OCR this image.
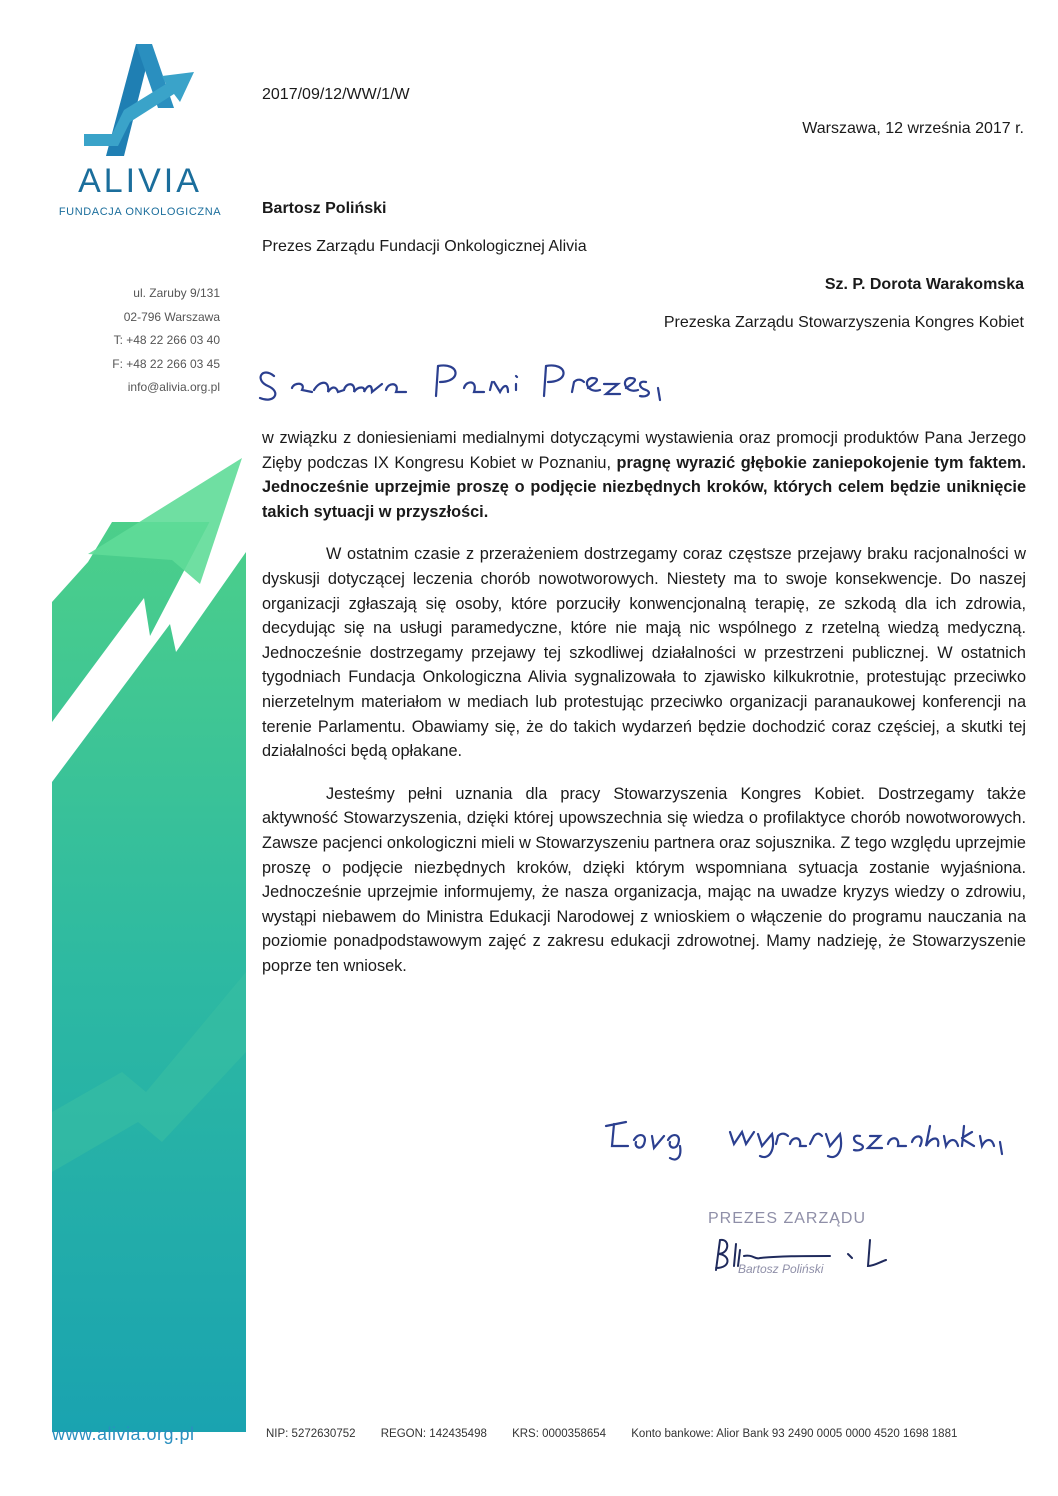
ALIVIA
FUNDACJA ONKOLOGICZNA
ul. Zaruby 9/131
02-796 Warszawa
T: +48 22 266 03 40
F: +48 22 266 03 45
info@alivia.org.pl
www.alivia.org.pl
2017/09/12/WW/1/W
Warszawa, 12 września 2017 r.
Bartosz Poliński
Prezes Zarządu Fundacji Onkologicznej Alivia
Sz. P. Dorota Warakomska
Prezeska Zarządu Stowarzyszenia Kongres Kobiet

w związku z doniesieniami medialnymi dotyczącymi wystawienia oraz promocji produktów Pana Jerzego Zięby podczas IX Kongresu Kobiet w Poznaniu, pragnę wyrazić głębokie zaniepokojenie tym faktem. Jednocześnie uprzejmie proszę o podjęcie niezbędnych kroków, których celem będzie uniknięcie takich sytuacji w przyszłości.

W ostatnim czasie z przerażeniem dostrzegamy coraz częstsze przejawy braku racjonalności w dyskusji dotyczącej leczenia chorób nowotworowych. Niestety ma to swoje konsekwencje. Do naszej organizacji zgłaszają się osoby, które porzuciły konwencjonalną terapię, ze szkodą dla ich zdrowia, decydując się na usługi paramedyczne, które nie mają nic wspólnego z rzetelną wiedzą medyczną. Jednocześnie dostrzegamy przejawy tej szkodliwej działalności w przestrzeni publicznej. W ostatnich tygodniach Fundacja Onkologiczna Alivia sygnalizowała to zjawisko kilkukrotnie, protestując przeciwko nierzetelnym materiałom w mediach lub protestując przeciwko organizacji paranaukowej konferencji na terenie Parlamentu. Obawiamy się, że do takich wydarzeń będzie dochodzić coraz częściej, a skutki tej działalności będą opłakane.

Jesteśmy pełni uznania dla pracy Stowarzyszenia Kongres Kobiet. Dostrzegamy także aktywność Stowarzyszenia, dzięki której upowszechnia się wiedza o profilaktyce chorób nowotworowych. Zawsze pacjenci onkologiczni mieli w Stowarzyszeniu partnera oraz sojusznika. Z tego względu uprzejmie proszę o podjęcie niezbędnych kroków, dzięki którym wspomniana sytuacja zostanie wyjaśniona. Jednocześnie uprzejmie informujemy, że nasza organizacja, mając na uwadze kryzys wiedzy o zdrowiu, wystąpi niebawem do Ministra Edukacji Narodowej z wnioskiem o włączenie do programu nauczania na poziomie ponadpodstawowym zajęć z zakresu edukacji zdrowotnej. Mamy nadzieję, że Stowarzyszenie poprze ten wniosek.

PREZES ZARZĄDU
Bartosz Poliński
NIP: 5272630752 REGON: 142435498 KRS: 0000358654 Konto bankowe: Alior Bank 93 2490 0005 0000 4520 1698 1881
